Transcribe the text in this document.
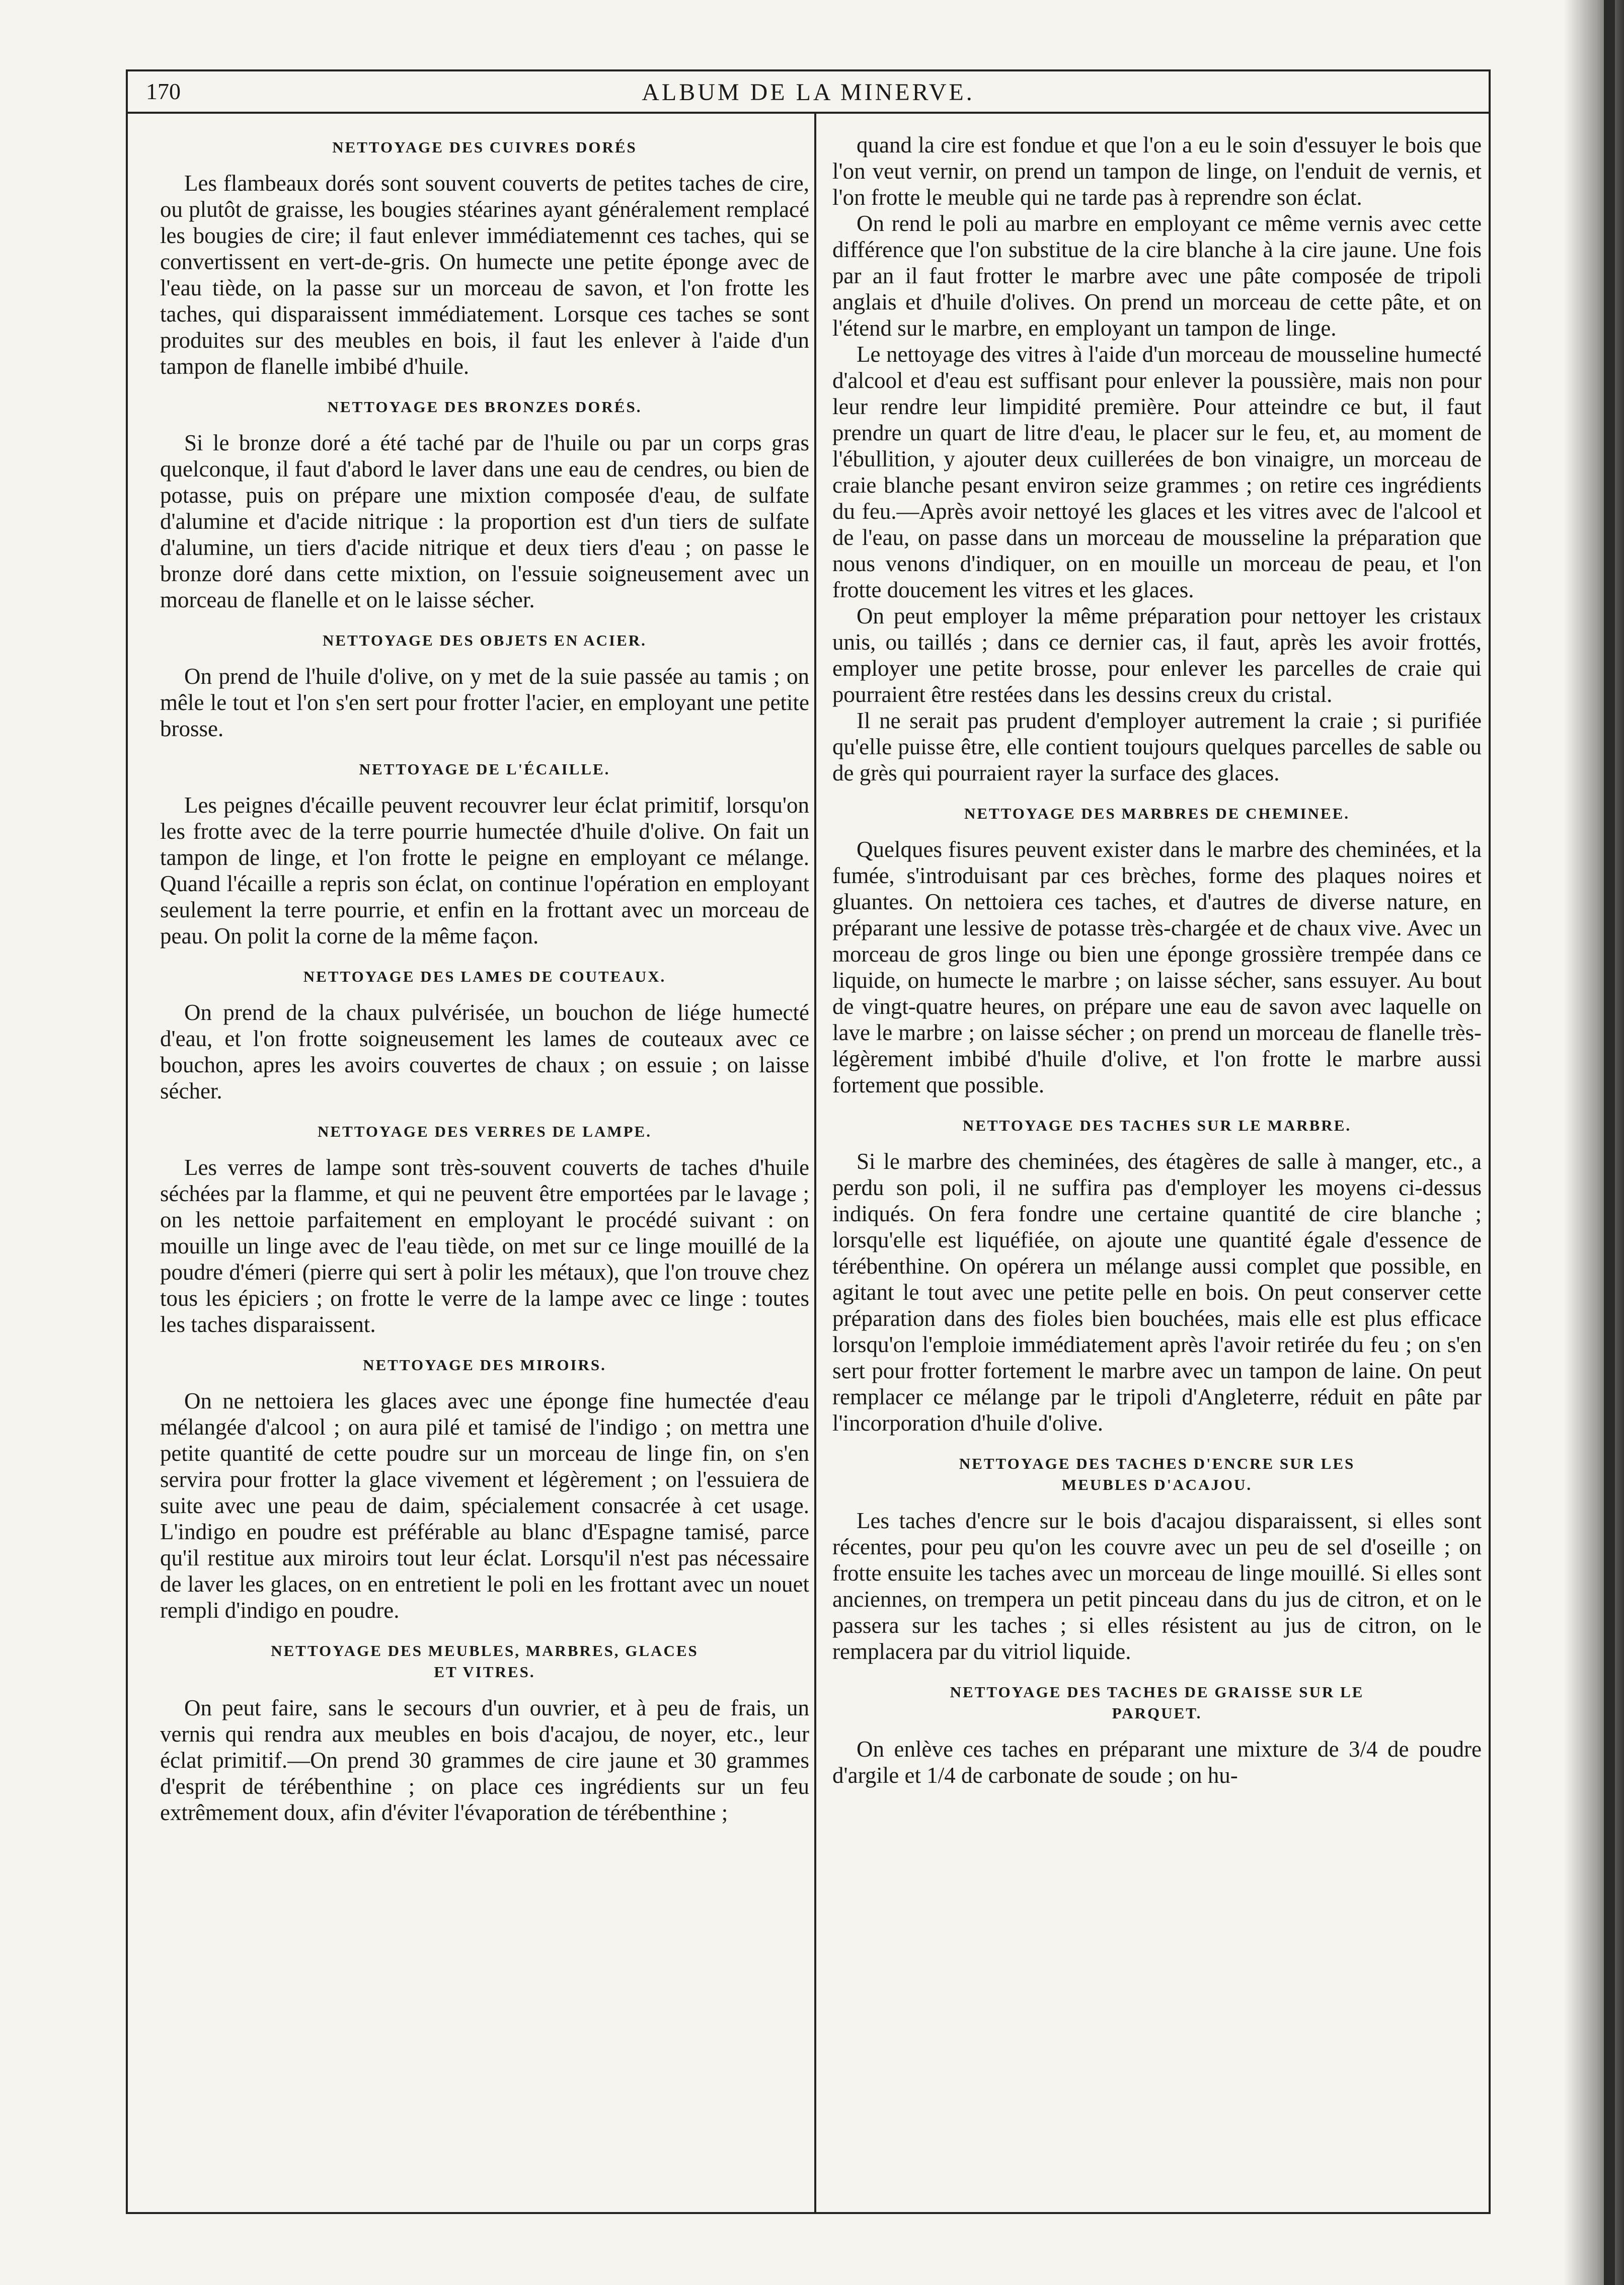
170	ALBUM DE LA MINERVE.
NETTOYAGE DES CUIVRES DORÉS

Les flambeaux dorés sont souvent couverts de petites taches de cire, ou plutôt de graisse, les bougies stéarines ayant généralement remplacé les bougies de cire; il faut enlever immédiatemennt ces taches, qui se convertissent en vert-de-gris. On humecte une petite éponge avec de l'eau tiède, on la passe sur un morceau de savon, et l'on frotte les taches, qui disparaissent immédiatement. Lorsque ces taches se sont produites sur des meubles en bois, il faut les enlever à l'aide d'un tampon de flanelle imbibé d'huile.

NETTOYAGE DES BRONZES DORÉS.

Si le bronze doré a été taché par de l'huile ou par un corps gras quelconque, il faut d'abord le laver dans une eau de cendres, ou bien de potasse, puis on prépare une mixtion composée d'eau, de sulfate d'alumine et d'acide nitrique : la proportion est d'un tiers de sulfate d'alumine, un tiers d'acide nitrique et deux tiers d'eau ; on passe le bronze doré dans cette mixtion, on l'essuie soigneusement avec un morceau de flanelle et on le laisse sécher.

NETTOYAGE DES OBJETS EN ACIER.

On prend de l'huile d'olive, on y met de la suie passée au tamis ; on mêle le tout et l'on s'en sert pour frotter l'acier, en employant une petite brosse.

NETTOYAGE DE L'ÉCAILLE.

Les peignes d'écaille peuvent recouvrer leur éclat primitif, lorsqu'on les frotte avec de la terre pourrie humectée d'huile d'olive. On fait un tampon de linge, et l'on frotte le peigne en employant ce mélange. Quand l'écaille a repris son éclat, on continue l'opération en employant seulement la terre pourrie, et enfin en la frottant avec un morceau de peau. On polit la corne de la même façon.

NETTOYAGE DES LAMES DE COUTEAUX.

On prend de la chaux pulvérisée, un bouchon de liége humecté d'eau, et l'on frotte soigneusement les lames de couteaux avec ce bouchon, apres les avoirs couvertes de chaux ; on essuie ; on laisse sécher.

NETTOYAGE DES VERRES DE LAMPE.

Les verres de lampe sont très-souvent couverts de taches d'huile séchées par la flamme, et qui ne peuvent être emportées par le lavage ; on les nettoie parfaitement en employant le procédé suivant : on mouille un linge avec de l'eau tiède, on met sur ce linge mouillé de la poudre d'émeri (pierre qui sert à polir les métaux), que l'on trouve chez tous les épiciers ; on frotte le verre de la lampe avec ce linge : toutes les taches disparaissent.

NETTOYAGE DES MIROIRS.

On ne nettoiera les glaces avec une éponge fine humectée d'eau mélangée d'alcool ; on aura pilé et tamisé de l'indigo ; on mettra une petite quantité de cette poudre sur un morceau de linge fin, on s'en servira pour frotter la glace vivement et légèrement ; on l'essuiera de suite avec une peau de daim, spécialement consacrée à cet usage. L'indigo en poudre est préférable au blanc d'Espagne tamisé, parce qu'il restitue aux miroirs tout leur éclat. Lorsqu'il n'est pas nécessaire de laver les glaces, on en entretient le poli en les frottant avec un nouet rempli d'indigo en poudre.

NETTOYAGE DES MEUBLES, MARBRES, GLACES
ET VITRES.

On peut faire, sans le secours d'un ouvrier, et à peu de frais, un vernis qui rendra aux meubles en bois d'acajou, de noyer, etc., leur éclat primitif.—On prend 30 grammes de cire jaune et 30 grammes d'esprit de térébenthine ; on place ces ingrédients sur un feu extrêmement doux, afin d'éviter l'évaporation de térébenthine ;

quand la cire est fondue et que l'on a eu le soin d'essuyer le bois que l'on veut vernir, on prend un tampon de linge, on l'enduit de vernis, et l'on frotte le meuble qui ne tarde pas à reprendre son éclat.

On rend le poli au marbre en employant ce même vernis avec cette différence que l'on substitue de la cire blanche à la cire jaune. Une fois par an il faut frotter le marbre avec une pâte composée de tripoli anglais et d'huile d'olives. On prend un morceau de cette pâte, et on l'étend sur le marbre, en employant un tampon de linge.

Le nettoyage des vitres à l'aide d'un morceau de mousseline humecté d'alcool et d'eau est suffisant pour enlever la poussière, mais non pour leur rendre leur limpidité première. Pour atteindre ce but, il faut prendre un quart de litre d'eau, le placer sur le feu, et, au moment de l'ébullition, y ajouter deux cuillerées de bon vinaigre, un morceau de craie blanche pesant environ seize grammes ; on retire ces ingrédients du feu.—Après avoir nettoyé les glaces et les vitres avec de l'alcool et de l'eau, on passe dans un morceau de mousseline la préparation que nous venons d'indiquer, on en mouille un morceau de peau, et l'on frotte doucement les vitres et les glaces.

On peut employer la même préparation pour nettoyer les cristaux unis, ou taillés ; dans ce dernier cas, il faut, après les avoir frottés, employer une petite brosse, pour enlever les parcelles de craie qui pourraient être restées dans les dessins creux du cristal.

Il ne serait pas prudent d'employer autrement la craie ; si purifiée qu'elle puisse être, elle contient toujours quelques parcelles de sable ou de grès qui pourraient rayer la surface des glaces.

NETTOYAGE DES MARBRES DE CHEMINEE.

Quelques fisures peuvent exister dans le marbre des cheminées, et la fumée, s'introduisant par ces brèches, forme des plaques noires et gluantes. On nettoiera ces taches, et d'autres de diverse nature, en préparant une lessive de potasse très-chargée et de chaux vive. Avec un morceau de gros linge ou bien une éponge grossière trempée dans ce liquide, on humecte le marbre ; on laisse sécher, sans essuyer. Au bout de vingt-quatre heures, on prépare une eau de savon avec laquelle on lave le marbre ; on laisse sécher ; on prend un morceau de flanelle très-légèrement imbibé d'huile d'olive, et l'on frotte le marbre aussi fortement que possible.

NETTOYAGE DES TACHES SUR LE MARBRE.

Si le marbre des cheminées, des étagères de salle à manger, etc., a perdu son poli, il ne suffira pas d'employer les moyens ci-dessus indiqués. On fera fondre une certaine quantité de cire blanche ; lorsqu'elle est liquéfiée, on ajoute une quantité égale d'essence de térébenthine. On opérera un mélange aussi complet que possible, en agitant le tout avec une petite pelle en bois. On peut conserver cette préparation dans des fioles bien bouchées, mais elle est plus efficace lorsqu'on l'emploie immédiatement après l'avoir retirée du feu ; on s'en sert pour frotter fortement le marbre avec un tampon de laine. On peut remplacer ce mélange par le tripoli d'Angleterre, réduit en pâte par l'incorporation d'huile d'olive.

NETTOYAGE DES TACHES D'ENCRE SUR LES
MEUBLES D'ACAJOU.

Les taches d'encre sur le bois d'acajou disparaissent, si elles sont récentes, pour peu qu'on les couvre avec un peu de sel d'oseille ; on frotte ensuite les taches avec un morceau de linge mouillé. Si elles sont anciennes, on trempera un petit pinceau dans du jus de citron, et on le passera sur les taches ; si elles résistent au jus de citron, on le remplacera par du vitriol liquide.

NETTOYAGE DES TACHES DE GRAISSE SUR LE
PARQUET.

On enlève ces taches en préparant une mixture de 3/4 de poudre d'argile et 1/4 de carbonate de soude ; on hu-
